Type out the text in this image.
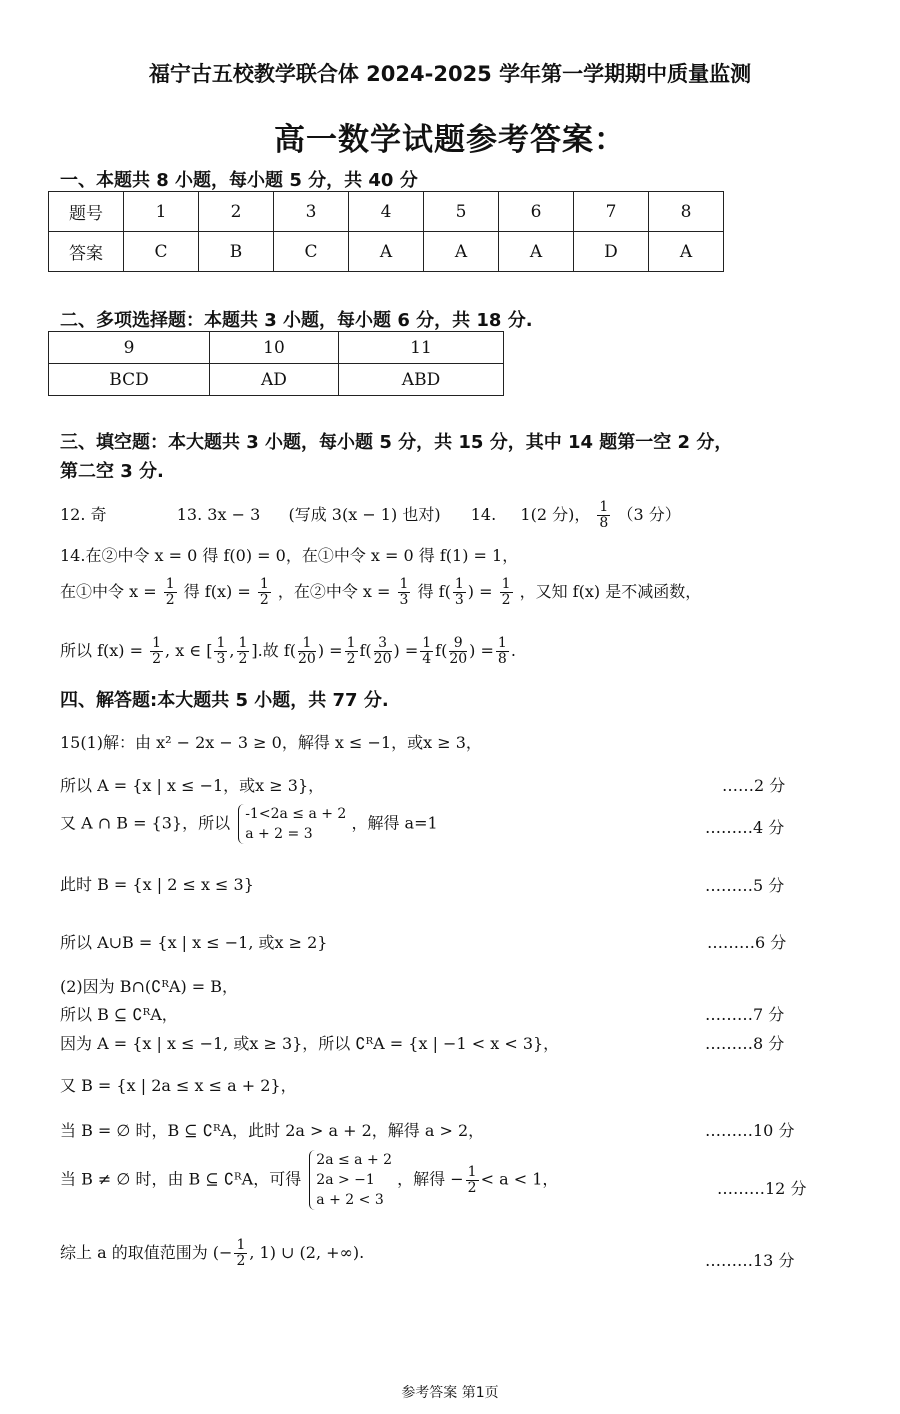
福宁古五校教学联合体 2024-2025 学年第一学期期中质量监测
高一数学试题参考答案：
一、本题共 8 小题，每小题 5 分，共 40 分
题号	1	2	3	4	5	6	7	8
答案	C	B	C	A	A	A	D	A
二、多项选择题：本题共 3 小题，每小题 6 分，共 18 分.
9	10	11
BCD	AD	ABD
三、填空题：本大题共 3 小题，每小题 5 分，共 15 分，其中 14 题第一空 2 分，
第二空 3 分.
12. 奇	13. 3x − 3 (写成 3(x − 1) 也对) 14. 1(2 分)， $\frac{1}{8} (3$ 分）
14.在②中令 x = 0 得 f(0) = 0，在①中令 x = 0 得 f(1) = 1，
在①中令 $x = \frac{1}{2}$ 得 $f(x) = \frac{1}{2}$ ，在②中令 $x = \frac{1}{3}$ 得 $f( \frac{1}{3}$ ) = $\frac{1}{2}$ ，又知 f(x) 是不减函数，
所以 $f(x) = \frac{1}{2}$ , x ∈ [ $\frac{1}{3}$ , $\frac{1}{2}$ ].故 $f( \frac{1}{20}$ ) = $\frac{1}{2} f( \frac{3}{20}$ ) = $\frac{1}{4} f( \frac{9}{20}$ ) = $\frac{1}{8}$ .
四、解答题:本大题共 5 小题，共 77 分.
15(1)解：由 x² − 2x − 3 ≥ 0，解得 x ≤ −1，或x ≥ 3，
所以 A = {x | x ≤ −1，或x ≥ 3}，	……2 分
又 A ∩ B = {3}，所以 -1<2a ≤ a + 2
a + 2 = 3
，解得 a=1	………4 分
此时 B = {x | 2 ≤ x ≤ 3}	………5 分
所以 A∪B = {x | x ≤ −1, 或x ≥ 2}	………6 分
(2)因为 B∩(∁ᴿA) = B，
所以 B ⊆ ∁ᴿA，	………7 分
因为 A = {x | x ≤ −1, 或x ≥ 3}，所以 ∁ᴿA = {x | −1 < x < 3}，	………8 分
又 B = {x | 2a ≤ x ≤ a + 2}，
当 B = ∅ 时，B ⊆ ∁ᴿA，此时 2a > a + 2，解得 a > 2，	………10 分
当 B ≠ ∅ 时，由 B ⊆ ∁ᴿA，可得
2a ≤ a + 2
2a > −1
a + 2 < 3
，解得 − $\frac{1}{2} < a < 1$，	………12 分
综上 a 的取值范围为 (− $\frac{1}{2}$ , 1) ∪ (2, +∞).	………13 分
参考答案 第1页
